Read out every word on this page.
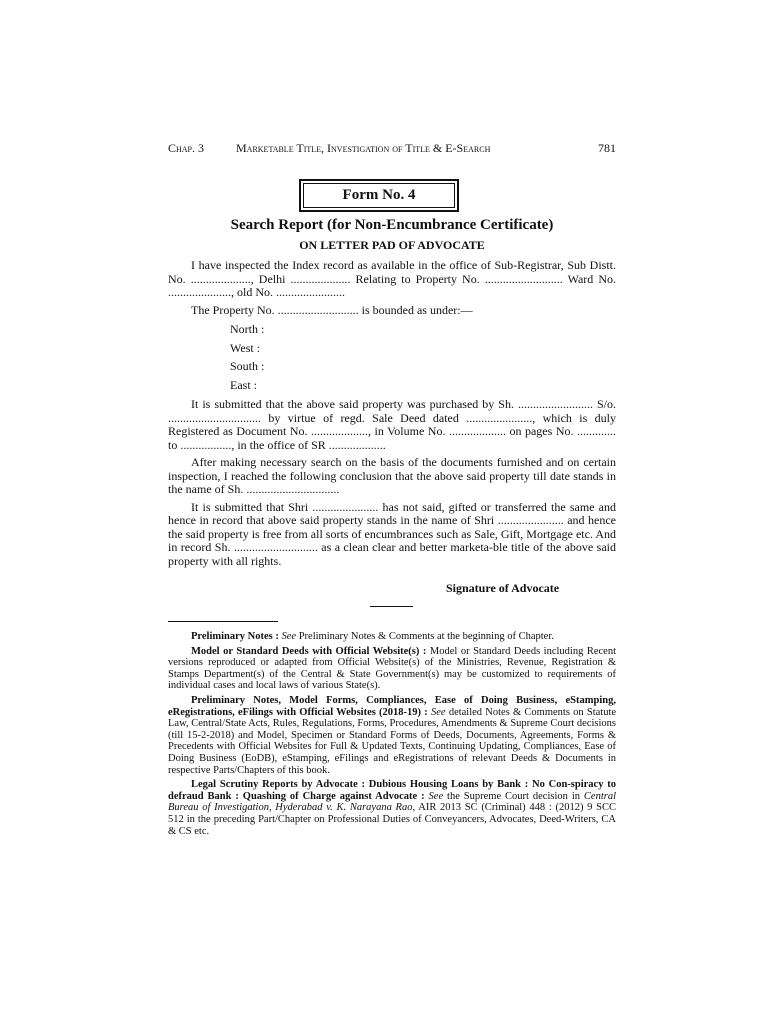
Chap. 3	Marketable Title, Investigation of Title & E-Search	781
Form No. 4
Search Report (for Non-Encumbrance Certificate)
ON LETTER PAD OF ADVOCATE

I have inspected the Index record as available in the office of Sub-Registrar, Sub Distt. No. ...................., Delhi .................... Relating to Property No. .......................... Ward No. ....................., old No. .......................

The Property No. ........................... is bounded as under:—

North :
West :
South :
East :

It is submitted that the above said property was purchased by Sh. ......................... S/o. ............................... by virtue of regd. Sale Deed dated ......................, which is duly Registered as Document No. ..................., in Volume No. ................... on pages No. ............. to ................., in the office of SR ...................

After making necessary search on the basis of the documents furnished and on certain inspection, I reached the following conclusion that the above said property till date stands in the name of Sh. ...............................

It is submitted that Shri ...................... has not said, gifted or transferred the same and hence in record that above said property stands in the name of Shri ...................... and hence the said property is free from all sorts of encumbrances such as Sale, Gift, Mortgage etc. And in record Sh. ............................ as a clean clear and better marketa-ble title of the above said property with all rights.

Signature of Advocate

Preliminary Notes : See Preliminary Notes & Comments at the beginning of Chapter.

Model or Standard Deeds with Official Website(s) : Model or Standard Deeds including Recent versions reproduced or adapted from Official Website(s) of the Ministries, Revenue, Registration & Stamps Department(s) of the Central & State Government(s) may be customized to requirements of individual cases and local laws of various State(s).

Preliminary Notes, Model Forms, Compliances, Ease of Doing Business, eStamping, eRegistrations, eFilings with Official Websites (2018-19) : See detailed Notes & Comments on Statute Law, Central/State Acts, Rules, Regulations, Forms, Procedures, Amendments & Supreme Court decisions (till 15-2-2018) and Model, Specimen or Standard Forms of Deeds, Documents, Agreements, Forms & Precedents with Official Websites for Full & Updated Texts, Continuing Updating, Compliances, Ease of Doing Business (EoDB), eStamping, eFilings and eRegistrations of relevant Deeds & Documents in respective Parts/Chapters of this book.

Legal Scrutiny Reports by Advocate : Dubious Housing Loans by Bank : No Con-spiracy to defraud Bank : Quashing of Charge against Advocate : See the Supreme Court decision in Central Bureau of Investigation, Hyderabad v. K. Narayana Rao, AIR 2013 SC (Criminal) 448 : (2012) 9 SCC 512 in the preceding Part/Chapter on Professional Duties of Conveyancers, Advocates, Deed-Writers, CA & CS etc.
